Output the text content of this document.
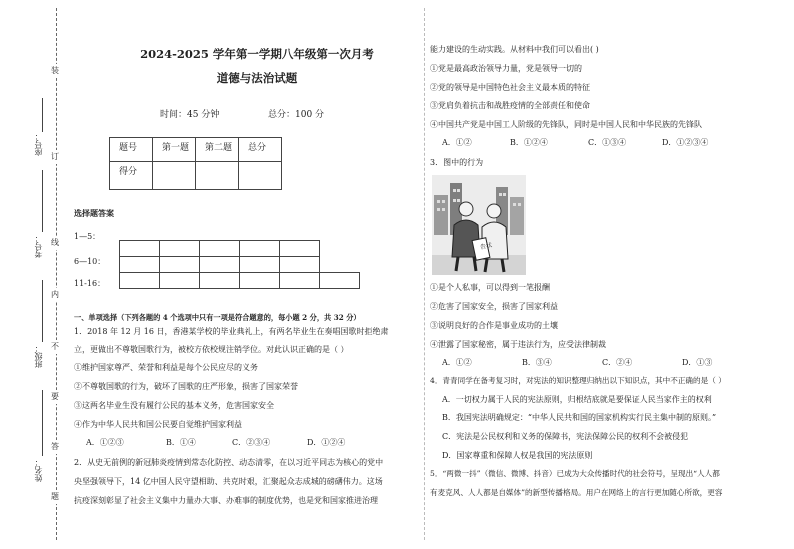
装
订
线
内
不
要
答
题
座号：
考号：
班级：
姓名：
2024-2025 学年第一学期八年级第一次月考
道德与法治试题
时间：45 分钟	总分：100 分
题号	第一题	第二题	总分
得分			
选择题答案
1—5：
6—10：
11-16：

一、单项选择（下列各题的 4 个选项中只有一项是符合题意的，每小题 2 分，共 32 分）
1．2018 年 12 月 16 日，香港某学校的毕业典礼上，有两名毕业生在奏唱国歌时拒绝肃
立，更做出不尊敬国歌行为，被校方依校规注销学位。对此认识正确的是（ ）
①维护国家尊严、荣誉和利益是每个公民应尽的义务
②不尊敬国歌的行为，破坏了国歌的庄严形象，损害了国家荣誉
③这两名毕业生没有履行公民的基本义务，危害国家安全
④作为中华人民共和国公民要自觉维护国家利益
A．①②③	B．①④	C．②③④	D．①②④
2．从史无前例的新冠肺炎疫情到常态化防控、动态清零，在以习近平同志为核心的党中
央坚强领导下，14 亿中国人民守望相助、共克时艰，汇聚起众志成城的磅礴伟力。这场
抗疫深刻彰显了社会主义集中力量办大事、办难事的制度优势，也是党和国家推进治理
能力建设的生动实践。从材料中我们可以看出( )
①党是最高政治领导力量，党是领导一切的
②党的领导是中国特色社会主义最本质的特征
③党肩负着抗击和战胜疫情的全部责任和使命
④中国共产党是中国工人阶级的先锋队，同时是中国人民和中华民族的先锋队
A．①②	B．①②④	C．①③④	D．①②③④
3．图中的行为
告状
①是个人私事，可以得到一笔报酬
②危害了国家安全，损害了国家利益
③说明良好的合作是事业成功的土壤
④泄露了国家秘密，属于违法行为，应受法律制裁
A．①②	B．③④	C．②④	D．①③
4．青青同学在备考复习时，对宪法的知识整理归纳出以下知识点，其中不正确的是（ ）
A．一切权力属于人民的宪法原则，归根结底就是要保证人民当家作主的权利
B．我国宪法明确规定：“中华人民共和国的国家机构实行民主集中制的原则。”
C．宪法是公民权利和义务的保障书，宪法保障公民的权利不会被侵犯
D．国家尊重和保障人权是我国的宪法原则
5．“两微一抖”（微信、微博、抖音）已成为大众传播时代的社会符号，呈现出“人人都
有麦克风、人人都是自媒体”的新型传播格局。用户在网络上的言行更加随心所欲，更容
